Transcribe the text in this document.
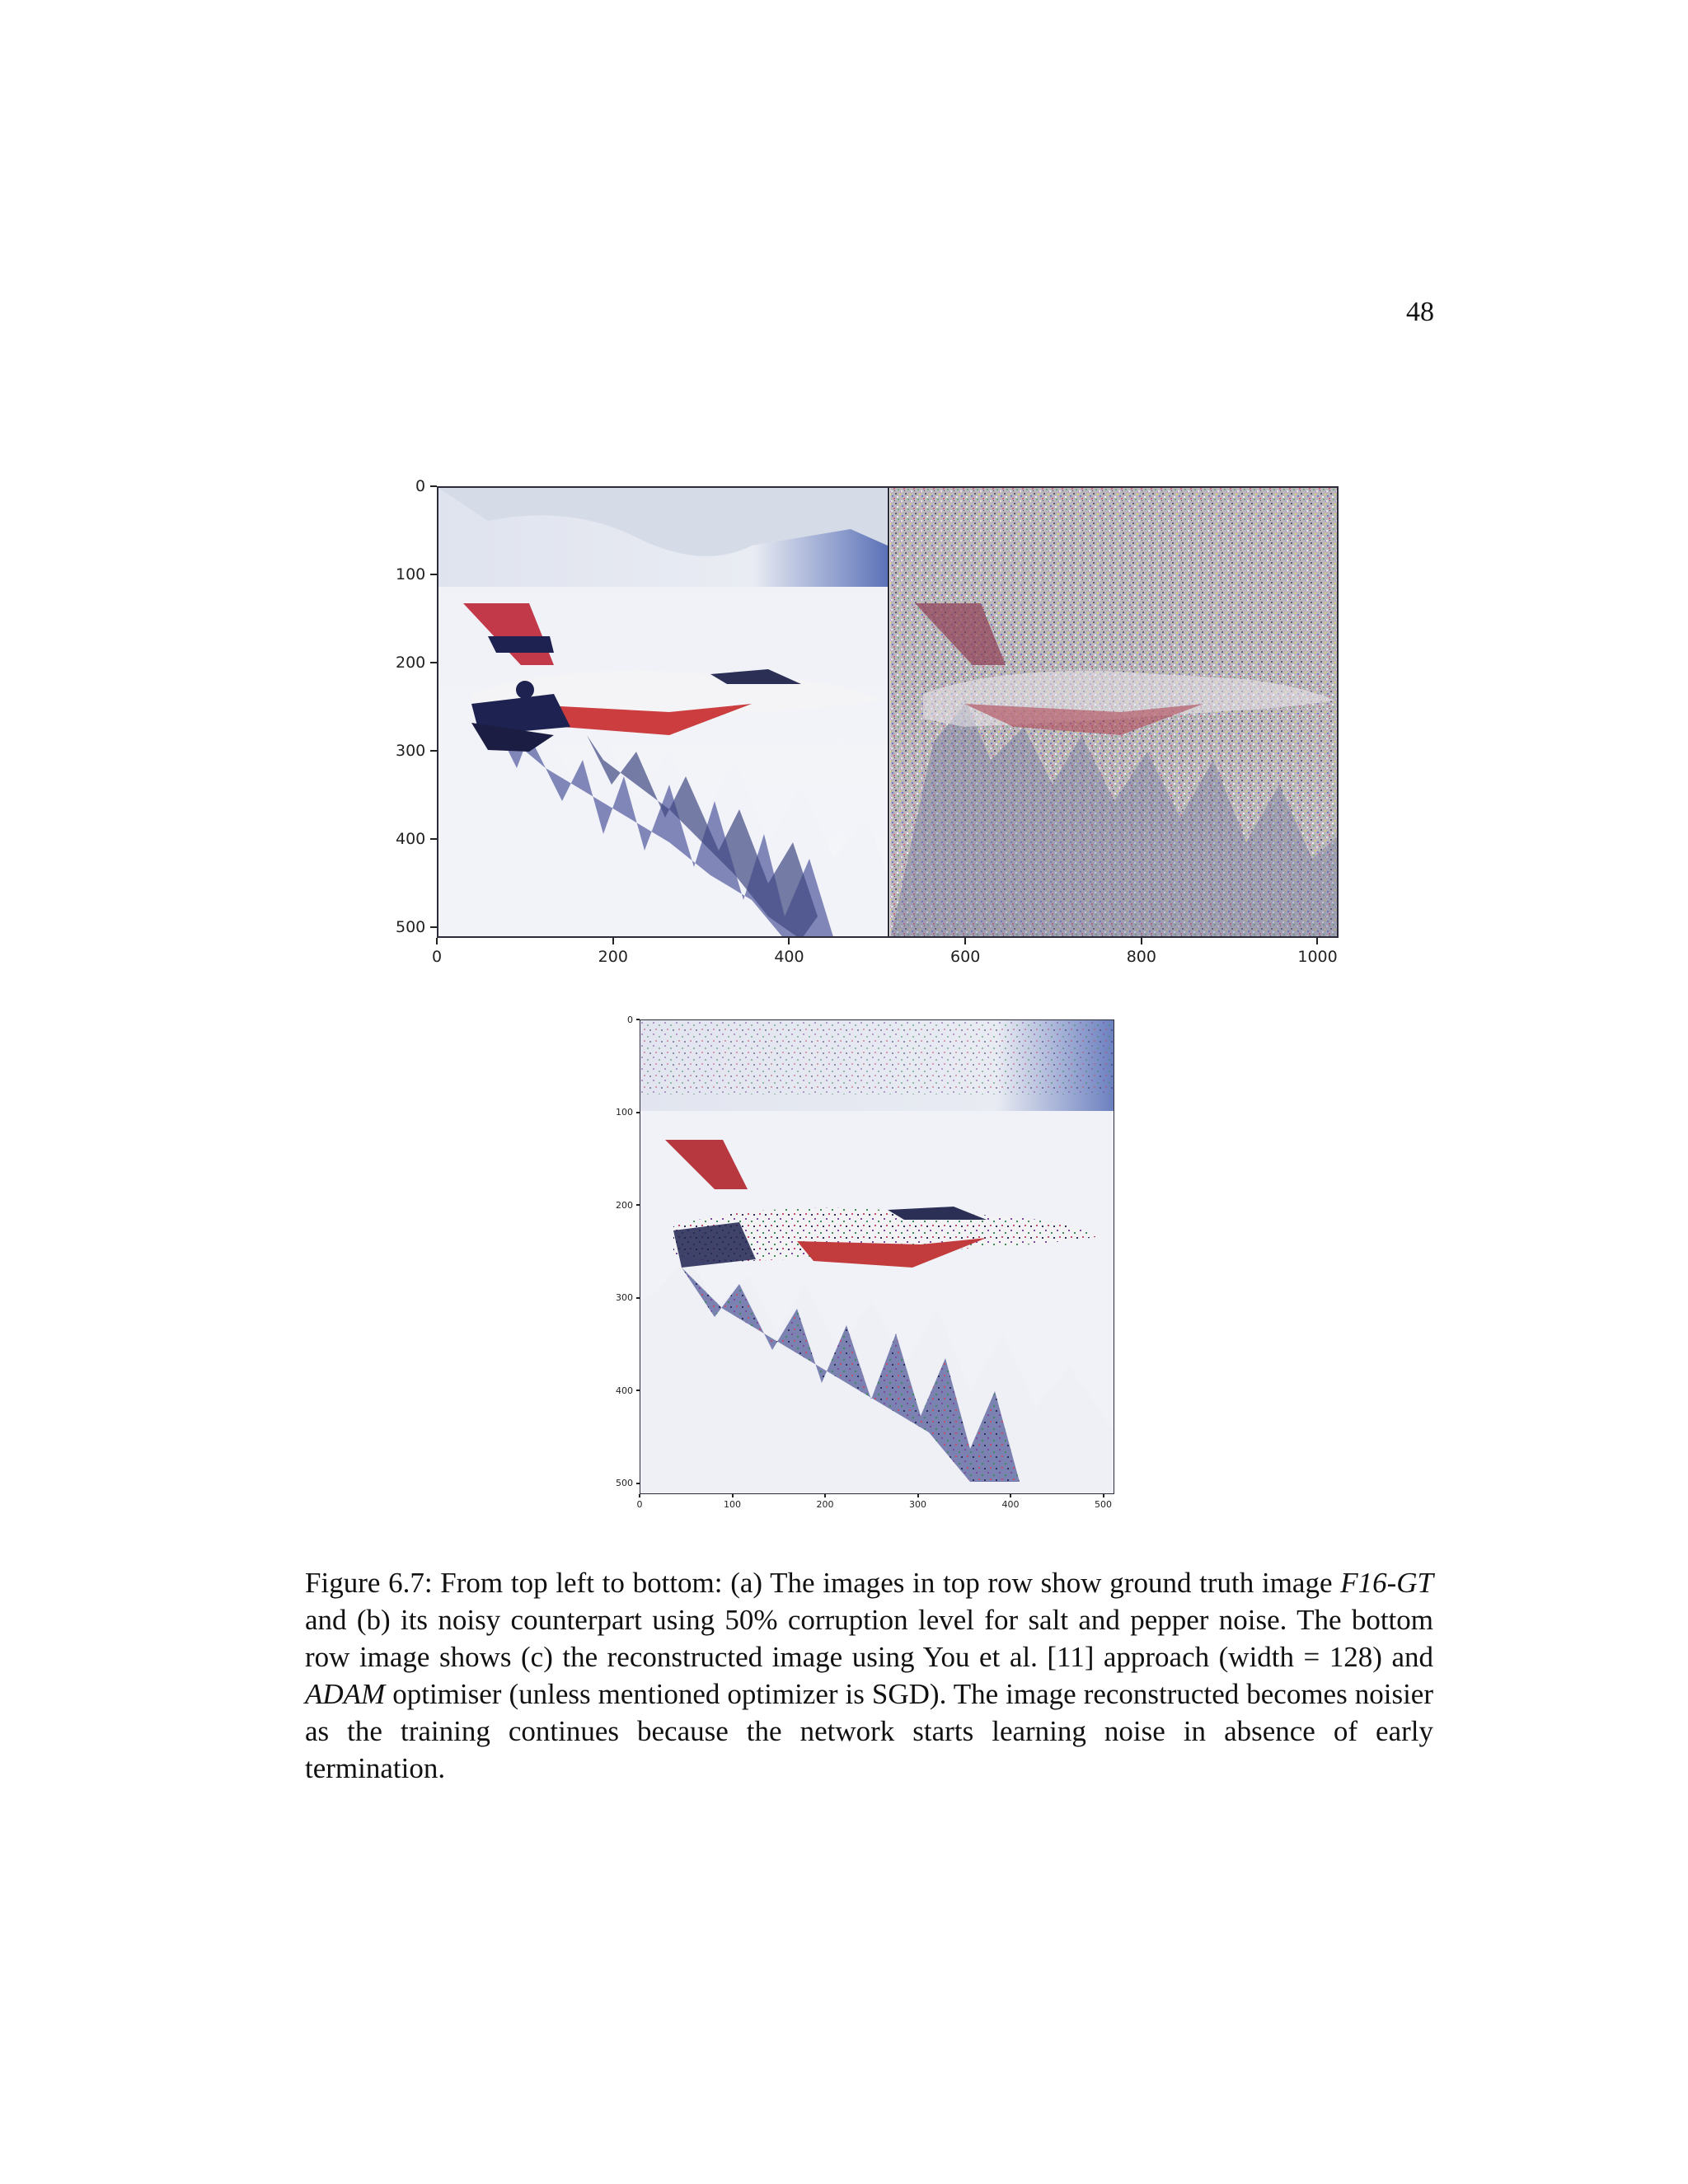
48
0	200	400	600	800	1000
0
100
200
300
400
500
0	100	200	300	400	500
0
100
200
300
400
500
Figure 6.7: From top left to bottom: (a) The images in top row show ground truth image F16-GT and (b) its noisy counterpart using 50% corruption level for salt and pepper noise. The bottom row image shows (c) the reconstructed image using You et al. [11] approach (width = 128) and ADAM optimiser (unless mentioned optimizer is SGD). The image reconstructed becomes noisier as the training continues because the network starts learning noise in absence of early termination.
